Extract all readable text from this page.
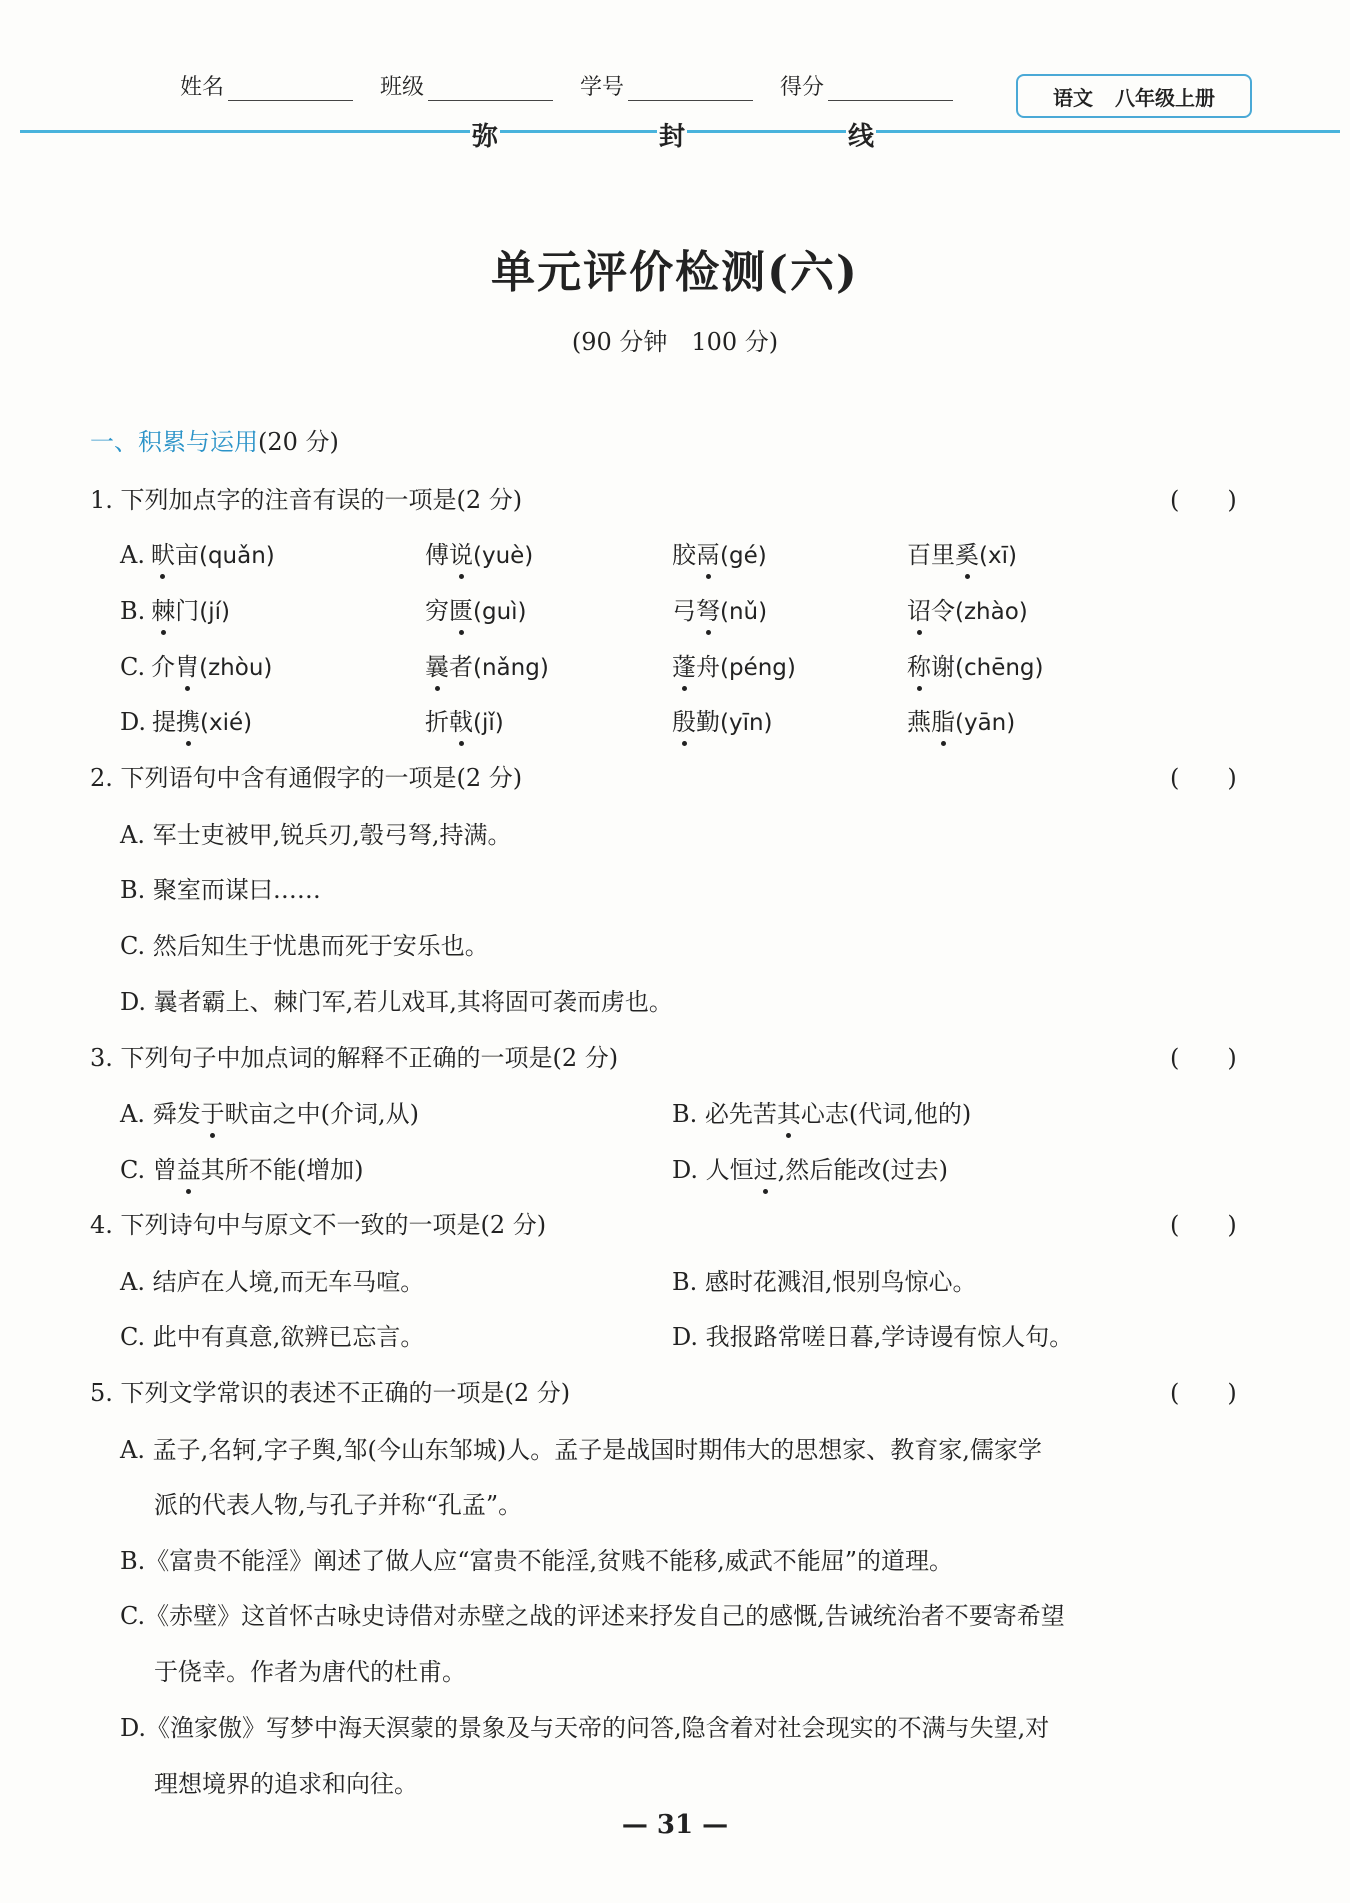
姓名	班级	学号	得分	语文 八年级上册
弥	封	线
单元评价检测(六)
(90 分钟　100 分)
一、积累与运用(20 分)
1. 下列加点字的注音有误的一项是(2 分)	(　　)
A. 畎亩(quǎn)	傅说(yuè)	胶鬲(gé)	百里奚(xī)
B. 棘门(jí)	穷匮(guì)	弓弩(nǔ)	诏令(zhào)
C. 介胄(zhòu)	曩者(nǎng)	蓬舟(péng)	称谢(chēng)
D. 提携(xié)	折戟(jǐ)	殷勤(yīn)	燕脂(yān)
2. 下列语句中含有通假字的一项是(2 分)	(　　)
A. 军士吏被甲,锐兵刃,彀弓弩,持满。
B. 聚室而谋曰……
C. 然后知生于忧患而死于安乐也。
D. 曩者霸上、棘门军,若儿戏耳,其将固可袭而虏也。
3. 下列句子中加点词的解释不正确的一项是(2 分)	(　　)
A. 舜发于畎亩之中(介词,从)	B. 必先苦其心志(代词,他的)
C. 曾益其所不能(增加)	D. 人恒过,然后能改(过去)
4. 下列诗句中与原文不一致的一项是(2 分)	(　　)
A. 结庐在人境,而无车马喧。	B. 感时花溅泪,恨别鸟惊心。
C. 此中有真意,欲辨已忘言。	D. 我报路常嗟日暮,学诗谩有惊人句。
5. 下列文学常识的表述不正确的一项是(2 分)	(　　)
A. 孟子,名轲,字子舆,邹(今山东邹城)人。孟子是战国时期伟大的思想家、教育家,儒家学
派的代表人物,与孔子并称“孔孟”。
B.《富贵不能淫》阐述了做人应“富贵不能淫,贫贱不能移,威武不能屈”的道理。
C.《赤壁》这首怀古咏史诗借对赤壁之战的评述来抒发自己的感慨,告诫统治者不要寄希望
于侥幸。作者为唐代的杜甫。
D.《渔家傲》写梦中海天溟蒙的景象及与天帝的问答,隐含着对社会现实的不满与失望,对
理想境界的追求和向往。
— 31 —
